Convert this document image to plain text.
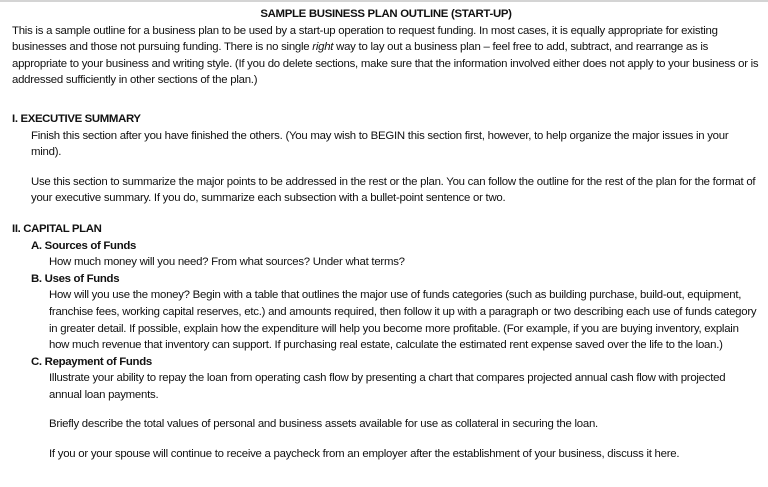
SAMPLE BUSINESS PLAN OUTLINE (START-UP)

This is a sample outline for a business plan to be used by a start-up operation to request funding. In most cases, it is equally appropriate for existing businesses and those not pursuing funding. There is no single right way to lay out a business plan – feel free to add, subtract, and rearrange as is appropriate to your business and writing style. (If you do delete sections, make sure that the information involved either does not apply to your business or is addressed sufficiently in other sections of the plan.)

I. EXECUTIVE SUMMARY

Finish this section after you have finished the others. (You may wish to BEGIN this section first, however, to help organize the major issues in your mind).

Use this section to summarize the major points to be addressed in the rest or the plan. You can follow the outline for the rest of the plan for the format of your executive summary. If you do, summarize each subsection with a bullet-point sentence or two.

II. CAPITAL PLAN

A. Sources of Funds

How much money will you need? From what sources? Under what terms?

B. Uses of Funds

How will you use the money? Begin with a table that outlines the major use of funds categories (such as building purchase, build-out, equipment, franchise fees, working capital reserves, etc.) and amounts required, then follow it up with a paragraph or two describing each use of funds category in greater detail. If possible, explain how the expenditure will help you become more profitable. (For example, if you are buying inventory, explain how much revenue that inventory can support. If purchasing real estate, calculate the estimated rent expense saved over the life to the loan.)

C. Repayment of Funds

Illustrate your ability to repay the loan from operating cash flow by presenting a chart that compares projected annual cash flow with projected annual loan payments.

Briefly describe the total values of personal and business assets available for use as collateral in securing the loan.

If you or your spouse will continue to receive a paycheck from an employer after the establishment of your business, discuss it here.
